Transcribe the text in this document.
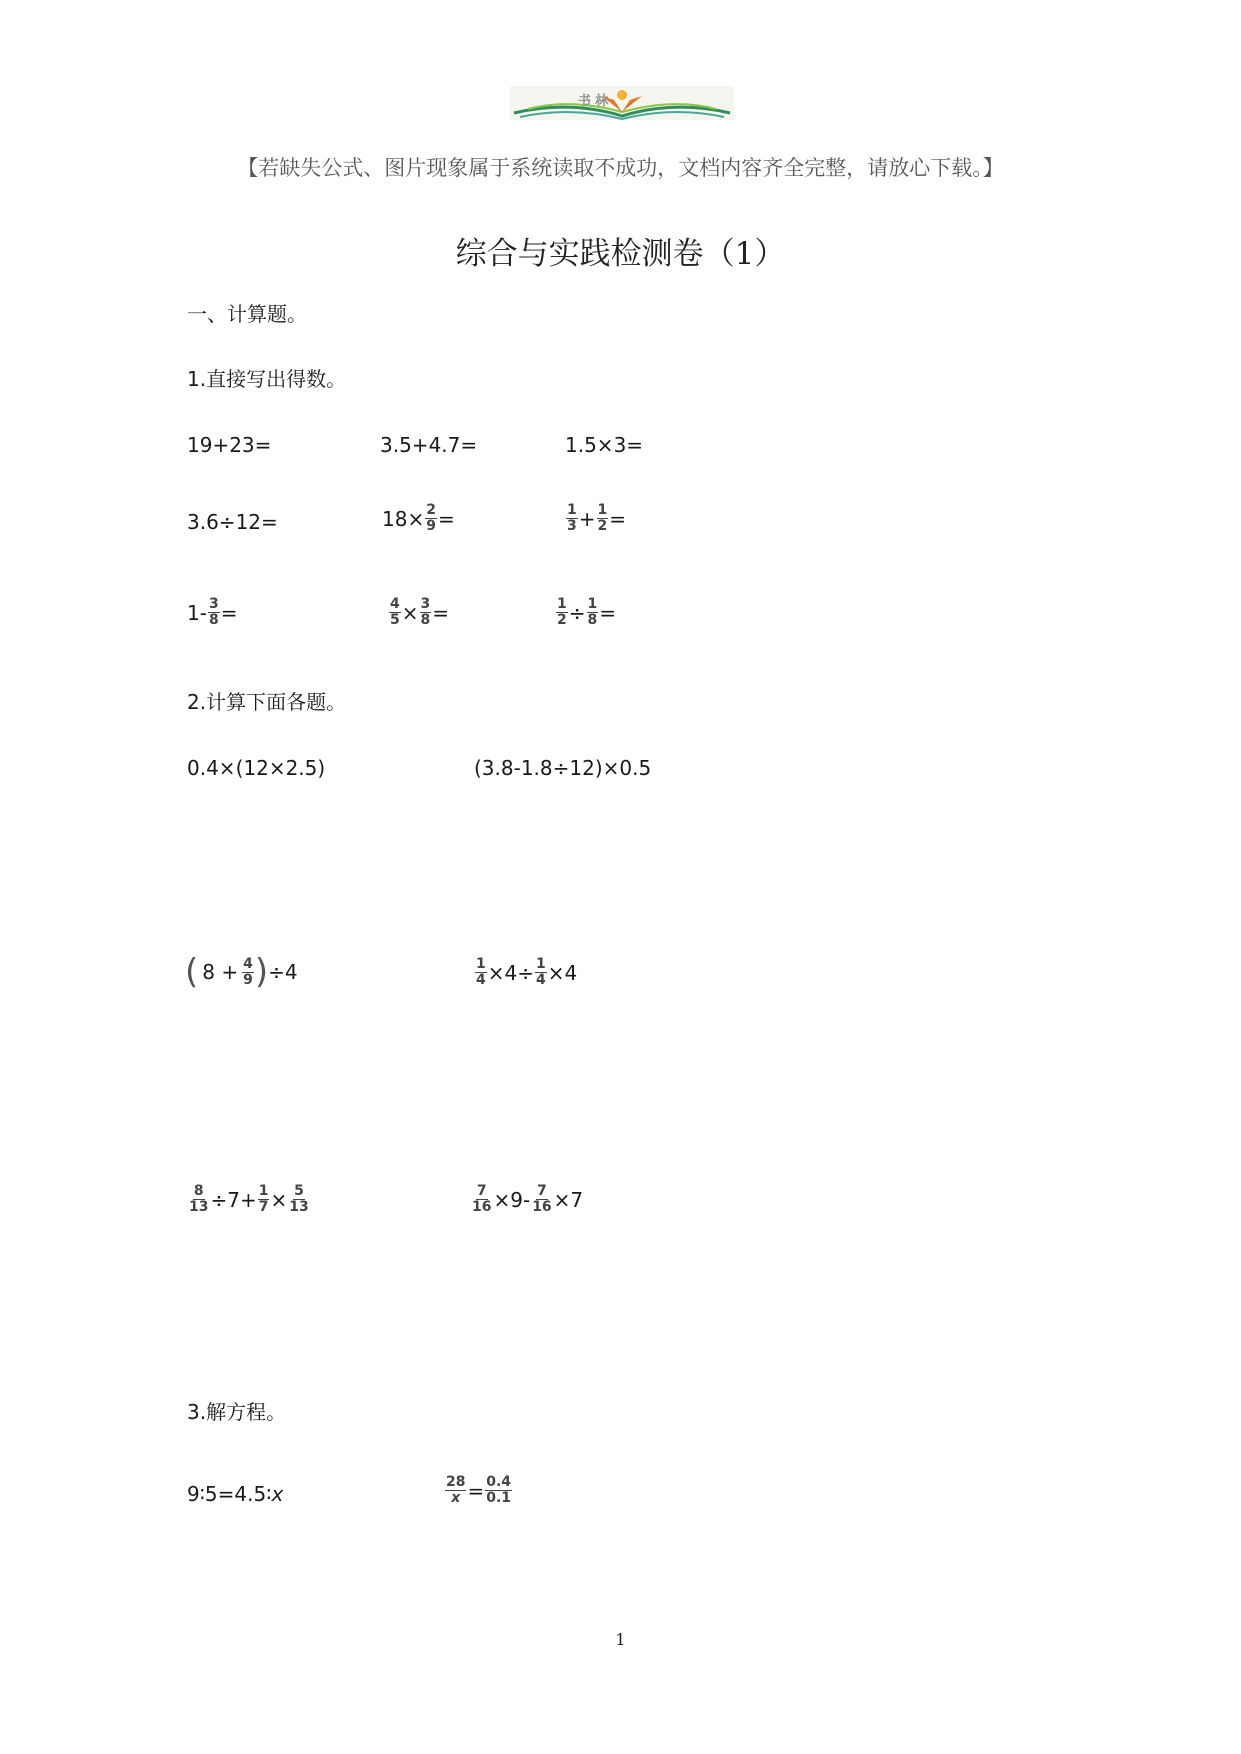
书 林
【若缺失公式、图片现象属于系统读取不成功，文档内容齐全完整，请放心下载。】
综合与实践检测卷（1）
一、计算题。
1.直接写出得数。
19+23=	3.5+4.7=	1.5×3=
3.6÷12=	$18\times \frac{2}{9}$ =	$\frac{1}{3} + \frac{1}{2}$ =
$1- \frac{3}{8}$ =	$\frac{4}{5} \times \frac{3}{8}$ =	$\frac{1}{2} \div \frac{1}{8}$ =
2.计算下面各题。
0.4×(12×2.5)	(3.8-1.8÷12)×0.5
( $8 + \frac{4}{9}$ ) ÷4	$\frac{1}{4} \times 4\div \frac{1}{4} \times 4$
$\frac{8}{13} \div 7+ \frac{1}{7} \times \frac{5}{13}$	$\frac{7}{16} \times 9- \frac{7}{16} \times 7$
3.解方程。
9∶5=4.5∶x	$\frac{28}{x} = \frac{0.4}{0.1}$
1
